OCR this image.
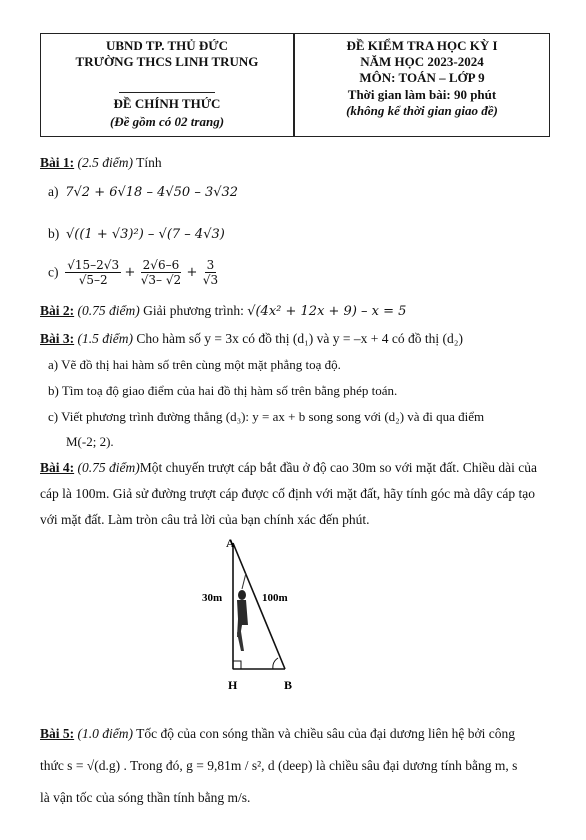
UBND TP. THỦ ĐỨC
TRƯỜNG THCS LINH TRUNG
ĐỀ CHÍNH THỨC
(Đề gồm có 02 trang)
ĐỀ KIỂM TRA HỌC KỲ I
NĂM HỌC 2023-2024
MÔN: TOÁN – LỚP 9
Thời gian làm bài: 90 phút
(không kể thời gian giao đề)
Bài 1: (2.5 điểm) Tính
a) 7√2 + 6√18 – 4√50 – 3√32
b) √((1 + √3)²) – √(7 – 4√3)
$c) \frac{√15-2√3}{√5-2} + \frac{2√6-6}{√3- √2} + \frac{3}{√3}$
Bài 2: (0.75 điểm) Giải phương trình: √(4x² + 12x + 9) – x = 5
Bài 3: (1.5 điểm) Cho hàm số y = 3x có đồ thị (d₁) và y = –x + 4 có đồ thị (d₂)
a) Vẽ đồ thị hai hàm số trên cùng một mặt phẳng toạ độ.
b) Tìm toạ độ giao điểm của hai đồ thị hàm số trên bằng phép toán.
c) Viết phương trình đường thẳng (d₃): y = ax + b song song với (d₂) và đi qua điểm
M(-2; 2).
Bài 4: (0.75 điểm)Một chuyến trượt cáp bắt đầu ở độ cao 30m so với mặt đất. Chiều dài của cáp là 100m. Giả sử đường trượt cáp được cố định với mặt đất, hãy tính góc mà dây cáp tạo với mặt đất. Làm tròn câu trả lời của bạn chính xác đến phút.
A
30m	100m
H	B
Bài 5: (1.0 điểm) Tốc độ của con sóng thần và chiều sâu của đại dương liên hệ bởi công
thức s = √(d.g) . Trong đó, g = 9,81m / s², d (deep) là chiều sâu đại dương tính bằng m, s
là vận tốc của sóng thần tính bằng m/s.
